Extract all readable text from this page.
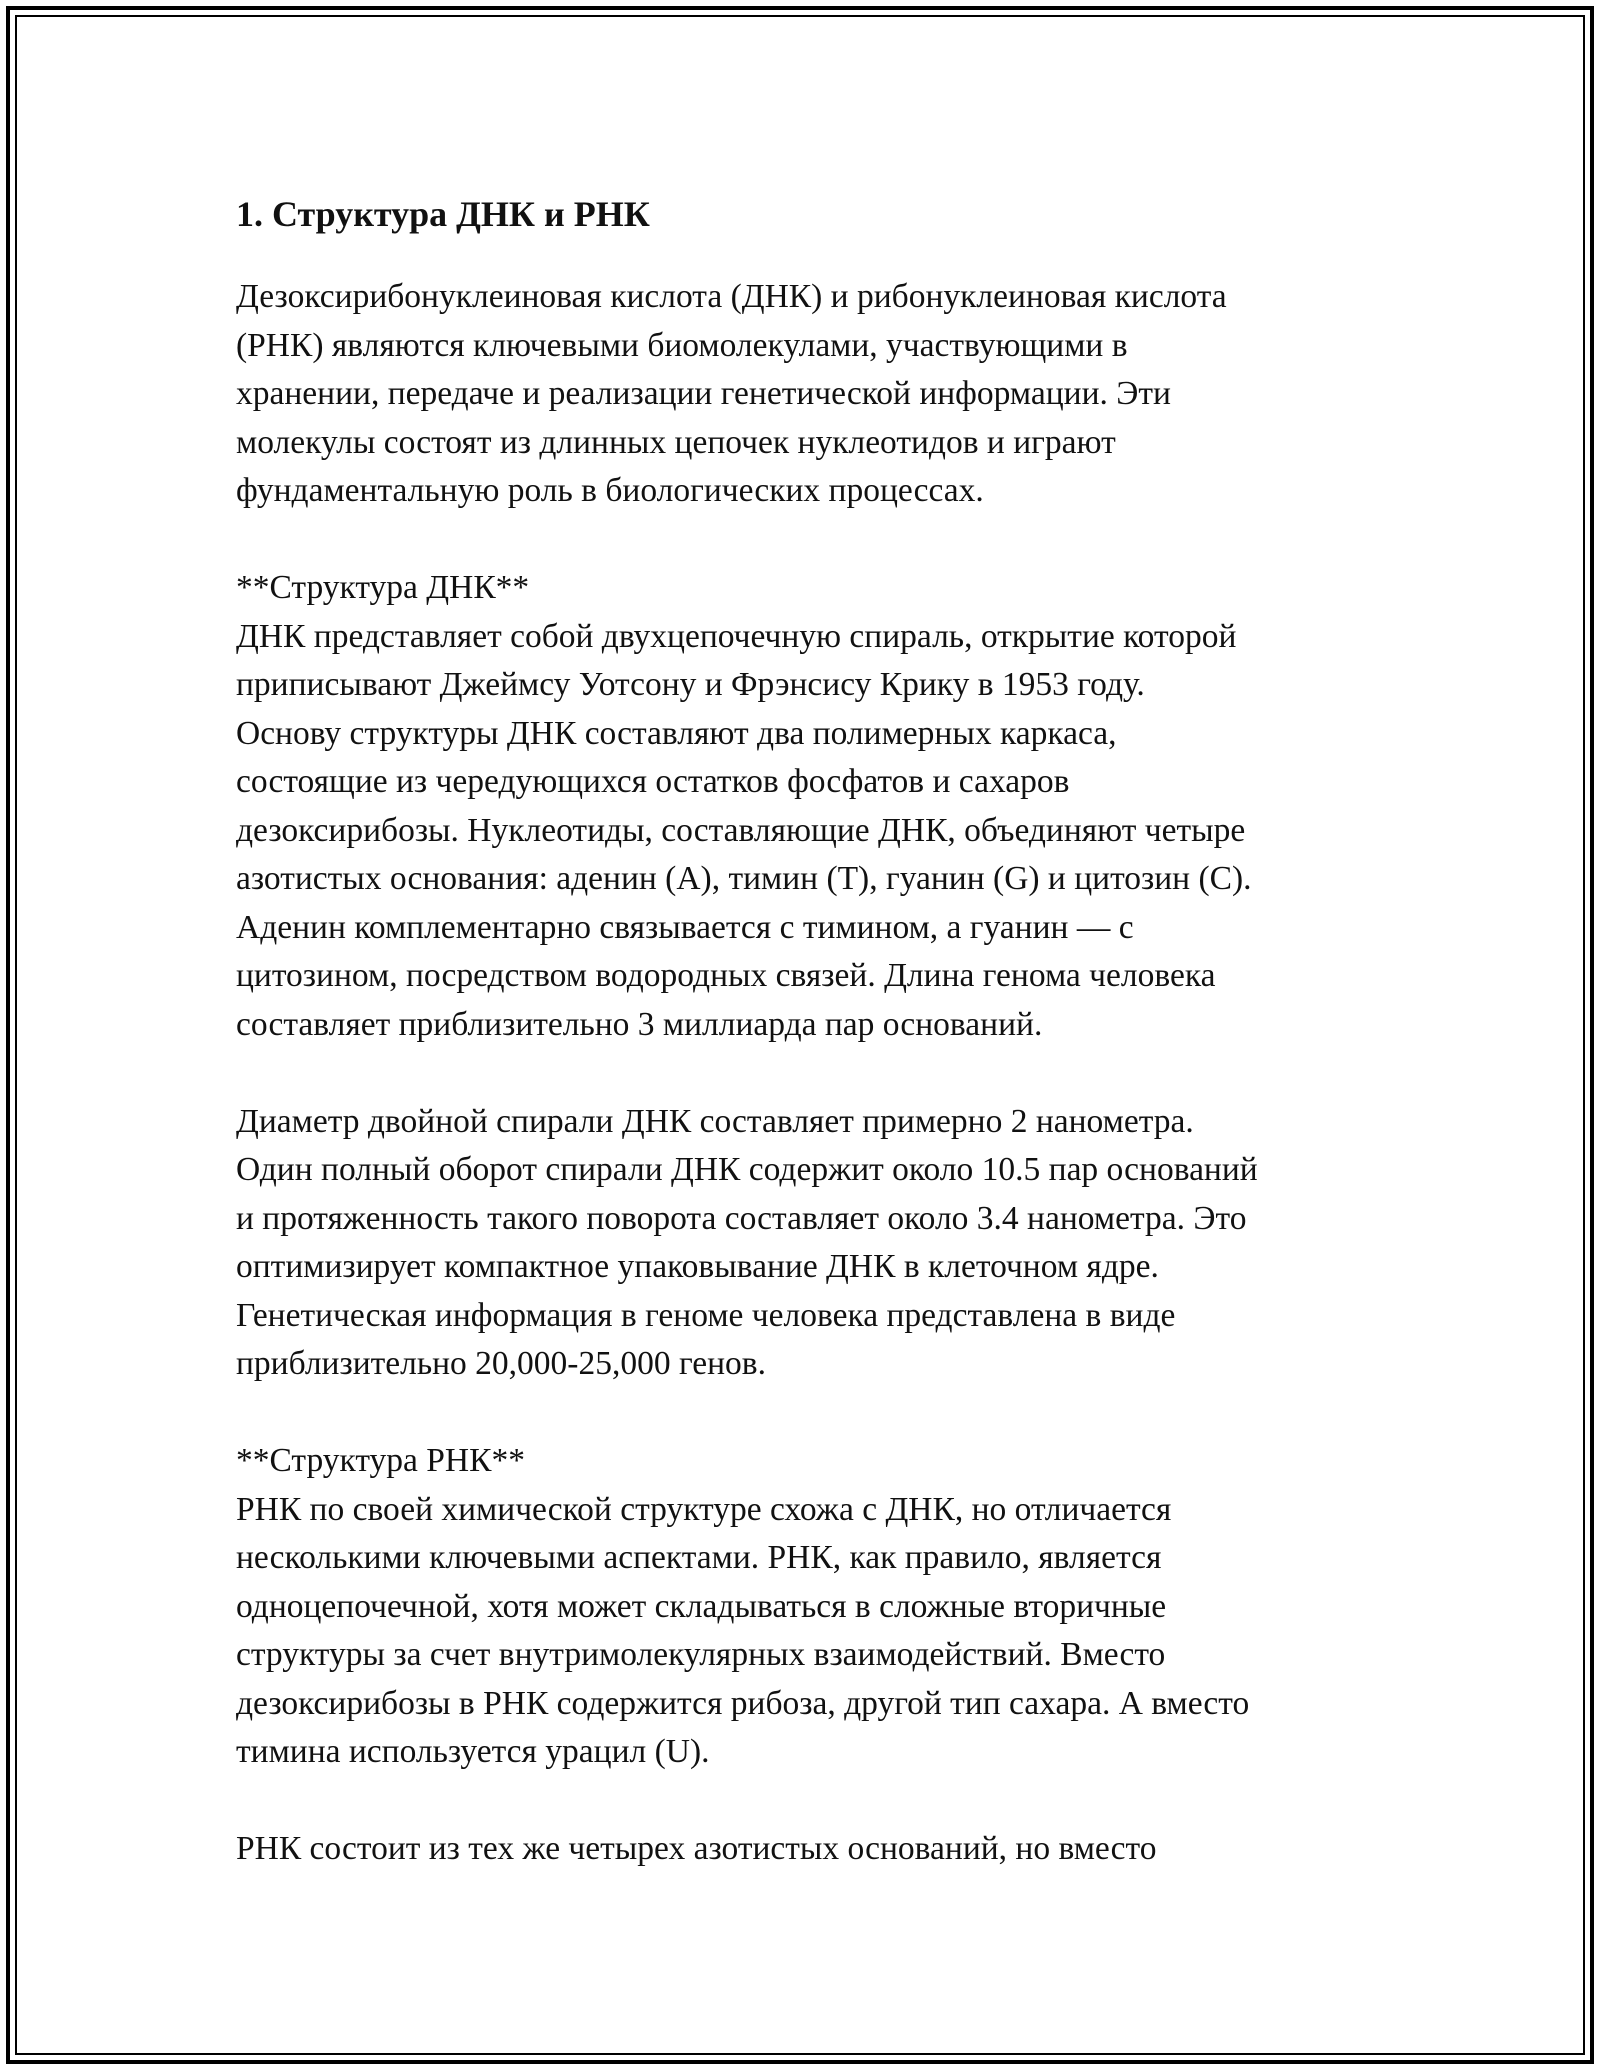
1. Структура ДНК и РНК

Дезоксирибонуклеиновая кислота (ДНК) и рибонуклеиновая кислота
(РНК) являются ключевыми биомолекулами, участвующими в
хранении, передаче и реализации генетической информации. Эти
молекулы состоят из длинных цепочек нуклеотидов и играют
фундаментальную роль в биологических процессах.

**Структура ДНК**
ДНК представляет собой двухцепочечную спираль, открытие которой
приписывают Джеймсу Уотсону и Фрэнсису Крику в 1953 году.
Основу структуры ДНК составляют два полимерных каркаса,
состоящие из чередующихся остатков фосфатов и сахаров
дезоксирибозы. Нуклеотиды, составляющие ДНК, объединяют четыре
азотистых основания: аденин (A), тимин (T), гуанин (G) и цитозин (C).
Аденин комплементарно связывается с тимином, а гуанин — с
цитозином, посредством водородных связей. Длина генома человека
составляет приблизительно 3 миллиарда пар оснований.

Диаметр двойной спирали ДНК составляет примерно 2 нанометра.
Один полный оборот спирали ДНК содержит около 10.5 пар оснований
и протяженность такого поворота составляет около 3.4 нанометра. Это
оптимизирует компактное упаковывание ДНК в клеточном ядре.
Генетическая информация в геноме человека представлена в виде
приблизительно 20,000-25,000 генов.

**Структура РНК**
РНК по своей химической структуре схожа с ДНК, но отличается
несколькими ключевыми аспектами. РНК, как правило, является
одноцепочечной, хотя может складываться в сложные вторичные
структуры за счет внутримолекулярных взаимодействий. Вместо
дезоксирибозы в РНК содержится рибоза, другой тип сахара. А вместо
тимина используется урацил (U).

РНК состоит из тех же четырех азотистых оснований, но вместо
